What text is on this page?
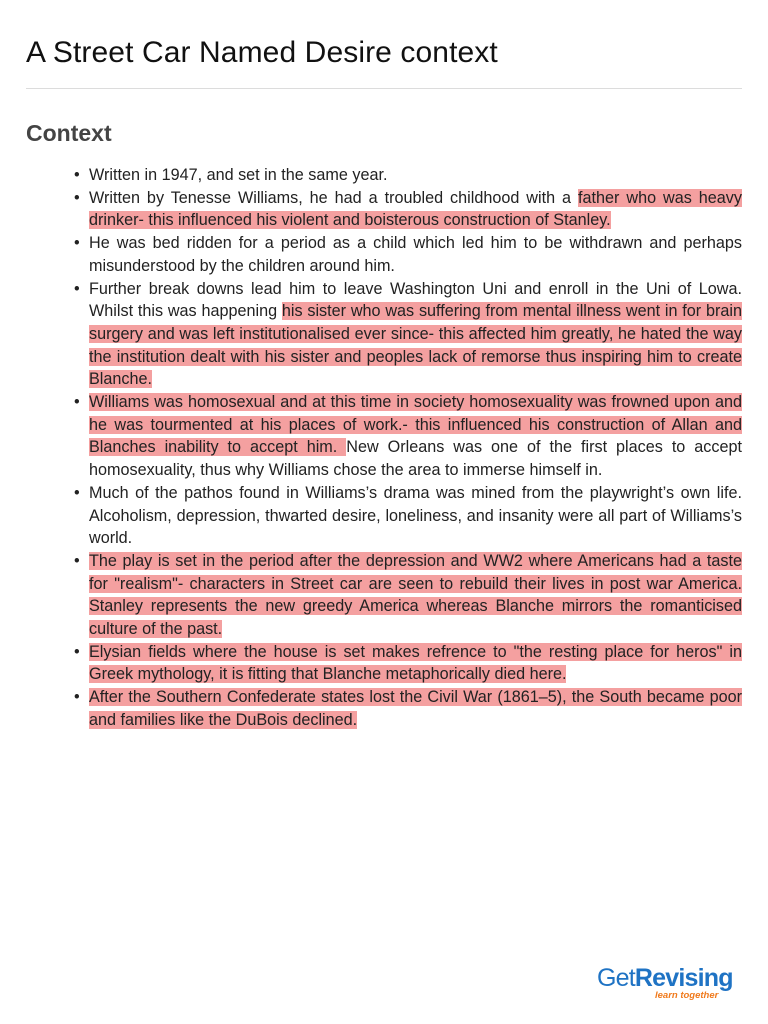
A Street Car Named Desire context
Context
• Written in 1947, and set in the same year.
• Written by Tenesse Williams, he had a troubled childhood with a father who was heavy drinker- this influenced his violent and boisterous construction of Stanley.
• He was bed ridden for a period as a child which led him to be withdrawn and perhaps misunderstood by the children around him.
• Further break downs lead him to leave Washington Uni and enroll in the Uni of Lowa. Whilst this was happening his sister who was suffering from mental illness went in for brain surgery and was left institutionalised ever since- this affected him greatly, he hated the way the institution dealt with his sister and peoples lack of remorse thus inspiring him to create Blanche.
• Williams was homosexual and at this time in society homosexuality was frowned upon and he was tourmented at his places of work.- this influenced his construction of Allan and Blanches inability to accept him. New Orleans was one of the first places to accept homosexuality, thus why Williams chose the area to immerse himself in.
• Much of the pathos found in Williams’s drama was mined from the playwright’s own life. Alcoholism, depression, thwarted desire, loneliness, and insanity were all part of Williams’s world.
• The play is set in the period after the depression and WW2 where Americans had a taste for "realism"- characters in Street car are seen to rebuild their lives in post war America. Stanley represents the new greedy America whereas Blanche mirrors the romanticised culture of the past.
• Elysian fields where the house is set makes refrence to "the resting place for heros" in Greek mythology, it is fitting that Blanche metaphorically died here.
• After the Southern Confederate states lost the Civil War (1861–5), the South became poor and families like the DuBois declined.
GetRevising
learn together
